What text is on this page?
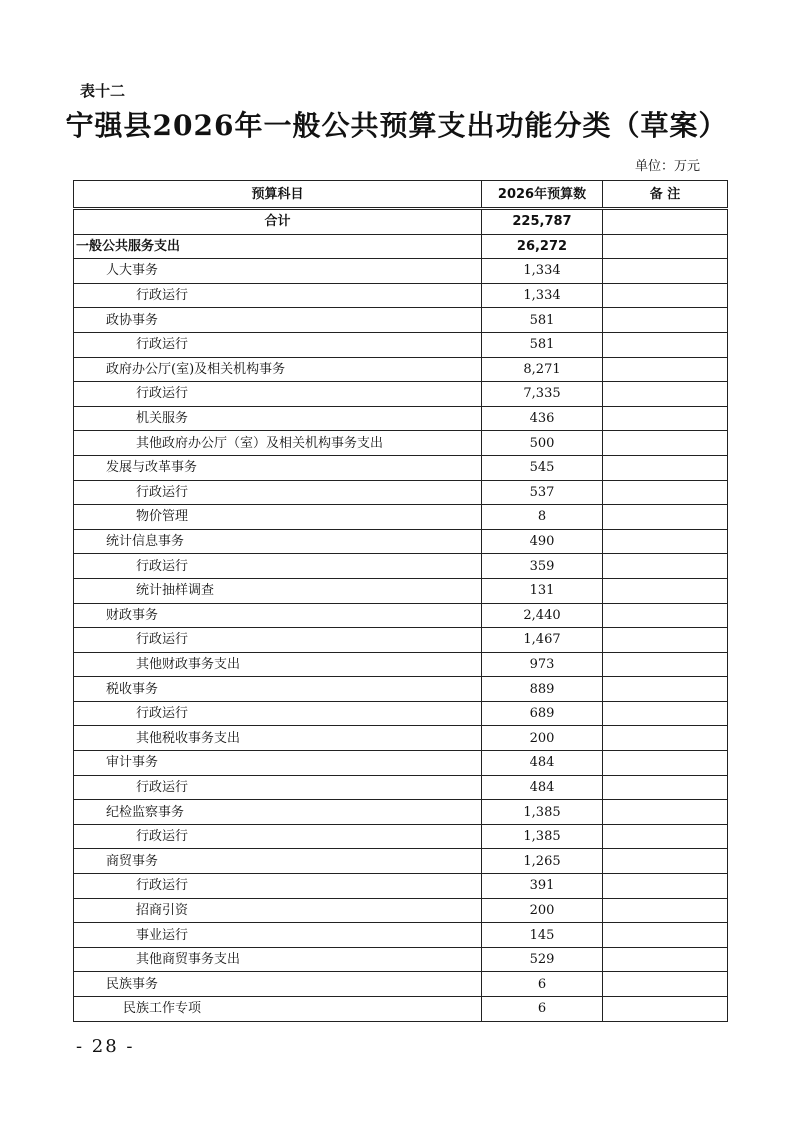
表十二
宁强县2026年一般公共预算支出功能分类（草案）
单位：万元
预算科目	2026年预算数	备 注
合计	225,787	
一般公共服务支出	26,272	
人大事务	1,334	
行政运行	1,334	
政协事务	581	
行政运行	581	
政府办公厅(室)及相关机构事务	8,271	
行政运行	7,335	
机关服务	436	
其他政府办公厅（室）及相关机构事务支出	500	
发展与改革事务	545	
行政运行	537	
物价管理	8	
统计信息事务	490	
行政运行	359	
统计抽样调查	131	
财政事务	2,440	
行政运行	1,467	
其他财政事务支出	973	
税收事务	889	
行政运行	689	
其他税收事务支出	200	
审计事务	484	
行政运行	484	
纪检监察事务	1,385	
行政运行	1,385	
商贸事务	1,265	
行政运行	391	
招商引资	200	
事业运行	145	
其他商贸事务支出	529	
民族事务	6	
民族工作专项	6	
- 28 -
